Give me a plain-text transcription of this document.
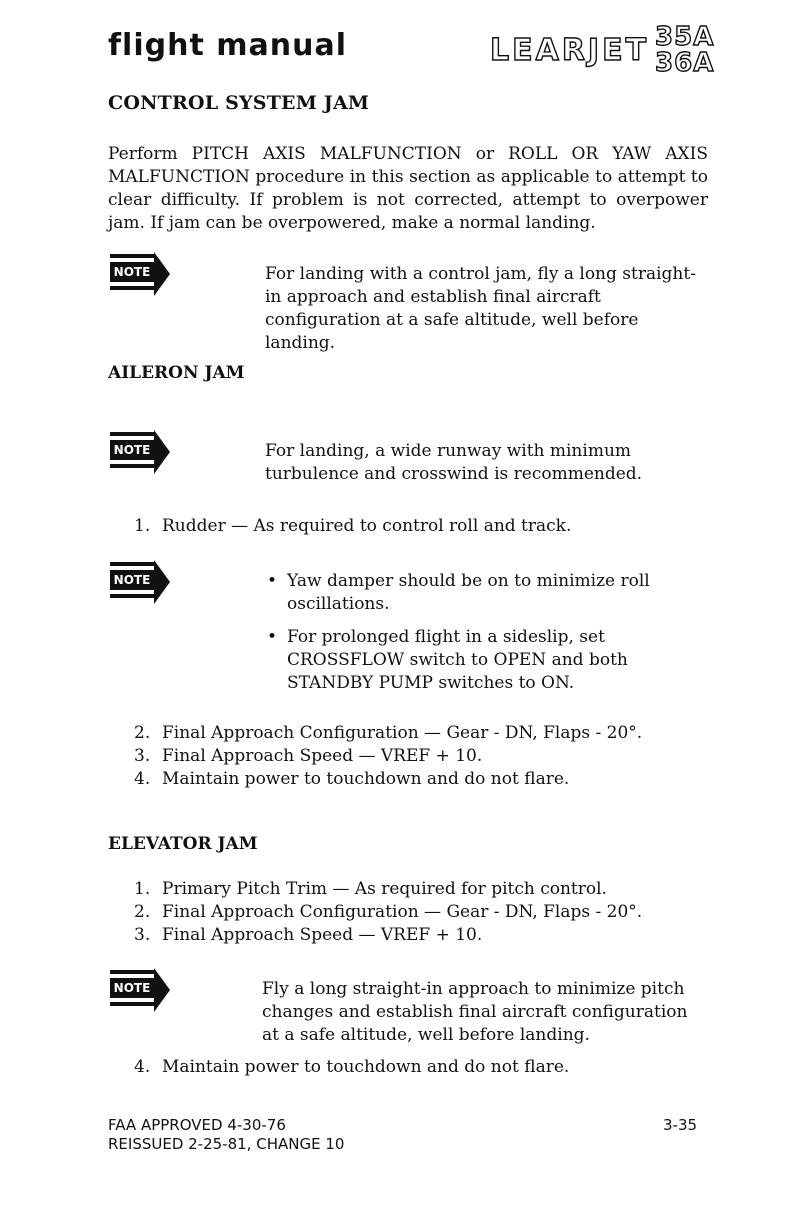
flight manual	LEARJET 35A
36A
CONTROL SYSTEM JAM

Perform PITCH AXIS MALFUNCTION or ROLL OR YAW AXIS MALFUNCTION procedure in this section as applicable to attempt to clear difficulty. If problem is not corrected, attempt to overpower jam. If jam can be overpowered, make a normal landing.

NOTE	For landing with a control jam, fly a long straight-in approach and establish final aircraft configuration at a safe altitude, well before landing.

AILERON JAM
NOTE	For landing, a wide runway with minimum turbulence and crosswind is recommended.

1. Rudder — As required to control roll and track.
NOTE
•	Yaw damper should be on to minimize roll oscillations.
• For prolonged flight in a sideslip, set CROSSFLOW switch to OPEN and both STANDBY PUMP switches to ON.
2. Final Approach Configuration — Gear - DN, Flaps - 20°.
3. Final Approach Speed — VREF + 10.
4. Maintain power to touchdown and do not flare.
ELEVATOR JAM
1. Primary Pitch Trim — As required for pitch control.
2. Final Approach Configuration — Gear - DN, Flaps - 20°.
3. Final Approach Speed — VREF + 10.
NOTE	Fly a long straight-in approach to minimize pitch changes and establish final aircraft configuration at a safe altitude, well before landing.

4. Maintain power to touchdown and do not flare.
FAA APPROVED 4-30-76
REISSUED 2-25-81, CHANGE 10
3-35
